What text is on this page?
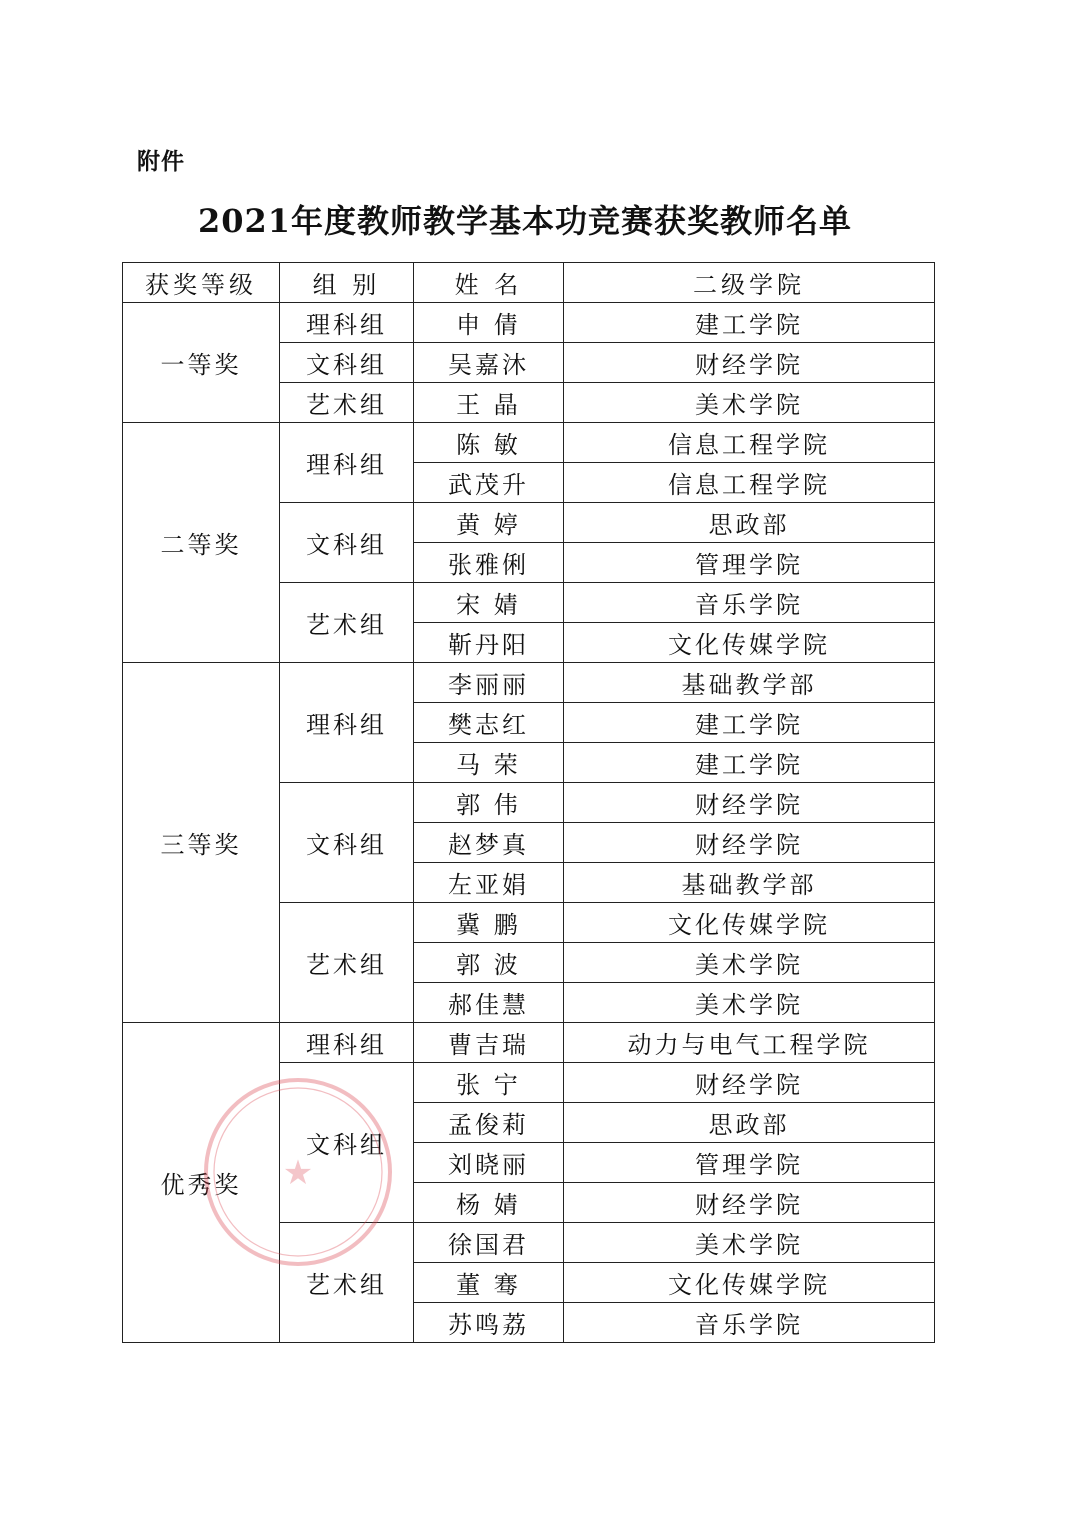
附件
2021年度教师教学基本功竞赛获奖教师名单
获奖等级	组 别	姓 名	二级学院
一等奖	理科组	申 倩	建工学院
	文科组	吴嘉沐	财经学院
	艺术组	王 晶	美术学院
二等奖	理科组	陈 敏	信息工程学院
		武茂升	信息工程学院
	文科组	黄 婷	思政部
		张雅俐	管理学院
	艺术组	宋 婧	音乐学院
		靳丹阳	文化传媒学院
三等奖	理科组	李丽丽	基础教学部
		樊志红	建工学院
		马 荣	建工学院
	文科组	郭 伟	财经学院
		赵梦真	财经学院
		左亚娟	基础教学部
	艺术组	冀 鹏	文化传媒学院
		郭 波	美术学院
		郝佳慧	美术学院
优秀奖	理科组	曹吉瑞	动力与电气工程学院
	文科组	张 宁	财经学院
		孟俊莉	思政部
		刘晓丽	管理学院
		杨 婧	财经学院
	艺术组	徐国君	美术学院
		董 骞	文化传媒学院
		苏鸣荔	音乐学院
★
